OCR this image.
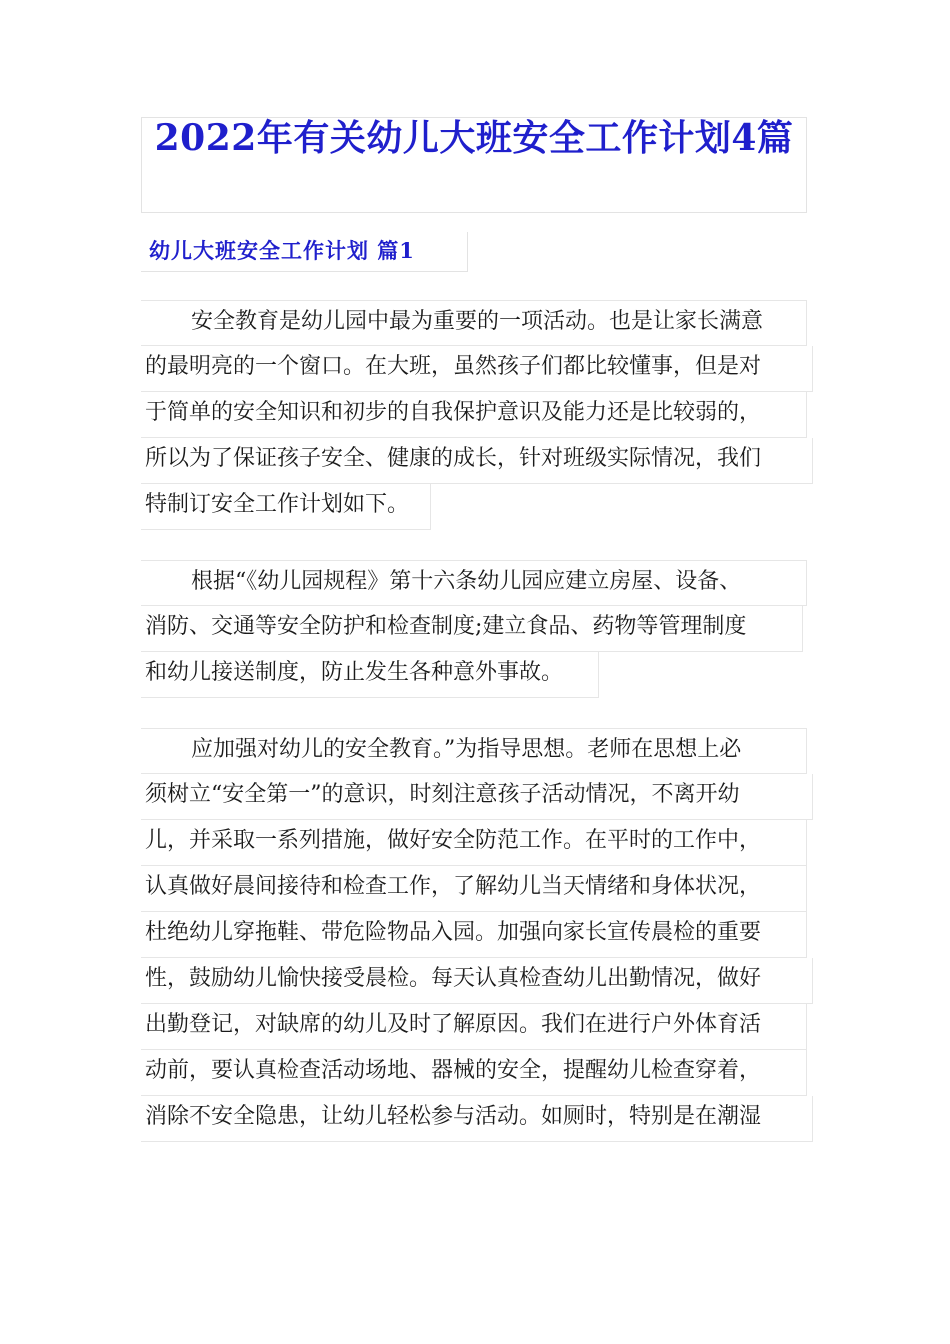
2022年有关幼儿大班安全工作计划4篇
幼儿大班安全工作计划 篇1
安全教育是幼儿园中最为重要的一项活动。也是让家长满意
的最明亮的一个窗口。在大班，虽然孩子们都比较懂事，但是对
于简单的安全知识和初步的自我保护意识及能力还是比较弱的，
所以为了保证孩子安全、健康的成长，针对班级实际情况，我们
特制订安全工作计划如下。
根据“《幼儿园规程》第十六条幼儿园应建立房屋、设备、
消防、交通等安全防护和检查制度;建立食品、药物等管理制度
和幼儿接送制度，防止发生各种意外事故。
应加强对幼儿的安全教育。”为指导思想。老师在思想上必
须树立“安全第一”的意识，时刻注意孩子活动情况，不离开幼
儿，并采取一系列措施，做好安全防范工作。在平时的工作中，
认真做好晨间接待和检查工作，了解幼儿当天情绪和身体状况，
杜绝幼儿穿拖鞋、带危险物品入园。加强向家长宣传晨检的重要
性，鼓励幼儿愉快接受晨检。每天认真检查幼儿出勤情况，做好
出勤登记，对缺席的幼儿及时了解原因。我们在进行户外体育活
动前，要认真检查活动场地、器械的安全，提醒幼儿检查穿着，
消除不安全隐患，让幼儿轻松参与活动。如厕时，特别是在潮湿
